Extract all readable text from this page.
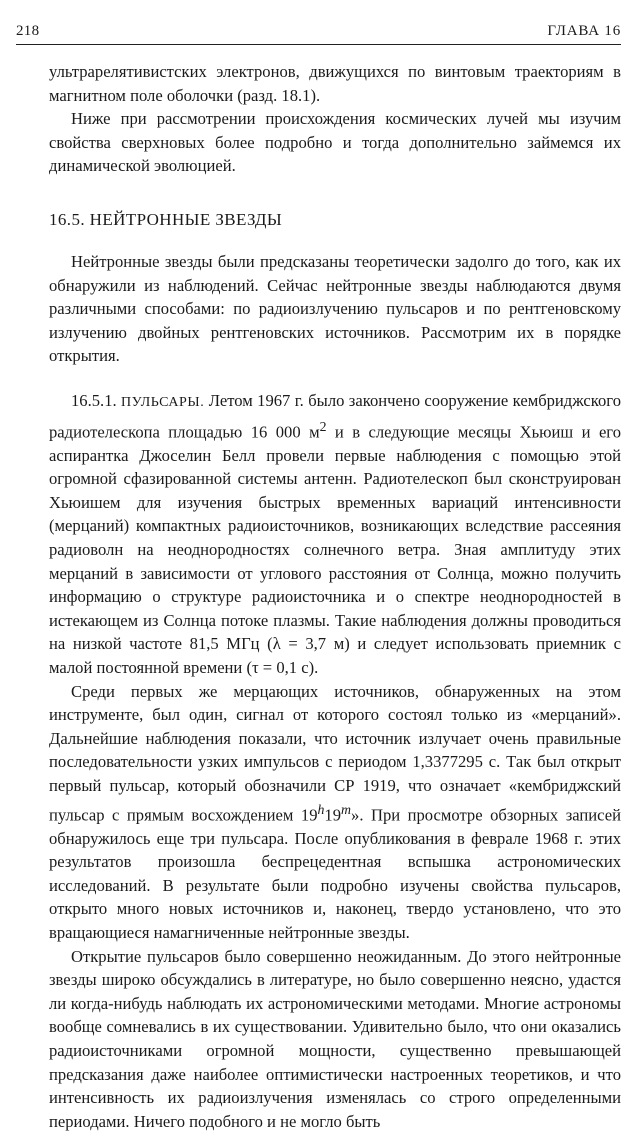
218	ГЛАВА 16

ультрарелятивистских электронов, движущихся по винтовым траекториям в магнитном поле оболочки (разд. 18.1).

Ниже при рассмотрении происхождения космических лучей мы изучим свойства сверхновых более подробно и тогда дополнительно займемся их динамической эволюцией.

16.5. НЕЙТРОННЫЕ ЗВЕЗДЫ

Нейтронные звезды были предсказаны теоретически задолго до того, как их обнаружили из наблюдений. Сейчас нейтронные звезды наблюдаются двумя различными способами: по радиоизлучению пульсаров и по рентгеновскому излучению двойных рентгеновских источников. Рассмотрим их в порядке открытия.

16.5.1. ПУЛЬСАРЫ. Летом 1967 г. было закончено сооружение кембриджского радиотелескопа площадью 16 000 $м^2$ и в следующие месяцы Хьюиш и его аспирантка Джоселин Белл провели первые наблюдения с помощью этой огромной сфазированной системы антенн. Радиотелескоп был сконструирован Хьюишем для изучения быстрых временных вариаций интенсивности (мерцаний) компактных радиоисточников, возникающих вследствие рассеяния радиоволн на неоднородностях солнечного ветра. Зная амплитуду этих мерцаний в зависимости от углового расстояния от Солнца, можно получить информацию о структуре радиоисточника и о спектре неоднородностей в истекающем из Солнца потоке плазмы. Такие наблюдения должны проводиться на низкой частоте 81,5 МГц (λ = 3,7 м) и следует использовать приемник с малой постоянной времени (τ = 0,1 с).

Среди первых же мерцающих источников, обнаруженных на этом инструменте, был один, сигнал от которого состоял только из «мерцаний». Дальнейшие наблюдения показали, что источник излучает очень правильные последовательности узких импульсов с периодом 1,3377295 с. Так был открыт первый пульсар, который обозначили СР 1919, что означает «кембриджский пульсар с прямым восхождением 19$^h$19$^m$». При просмотре обзорных записей обнаружилось еще три пульсара. После опубликования в феврале 1968 г. этих результатов произошла беспрецедентная вспышка астрономических исследований. В результате были подробно изучены свойства пульсаров, открыто много новых источников и, наконец, твердо установлено, что это вращающиеся намагниченные нейтронные звезды.

Открытие пульсаров было совершенно неожиданным. До этого нейтронные звезды широко обсуждались в литературе, но было совершенно неясно, удастся ли когда-нибудь наблюдать их астрономическими методами. Многие астрономы вообще сомневались в их существовании. Удивительно было, что они оказались радиоисточниками огромной мощности, существенно превышающей предсказания даже наиболее оптимистически настроенных теоретиков, и что интенсивность их радиоизлучения изменялась со строго определенными периодами. Ничего подобного и не могло быть
